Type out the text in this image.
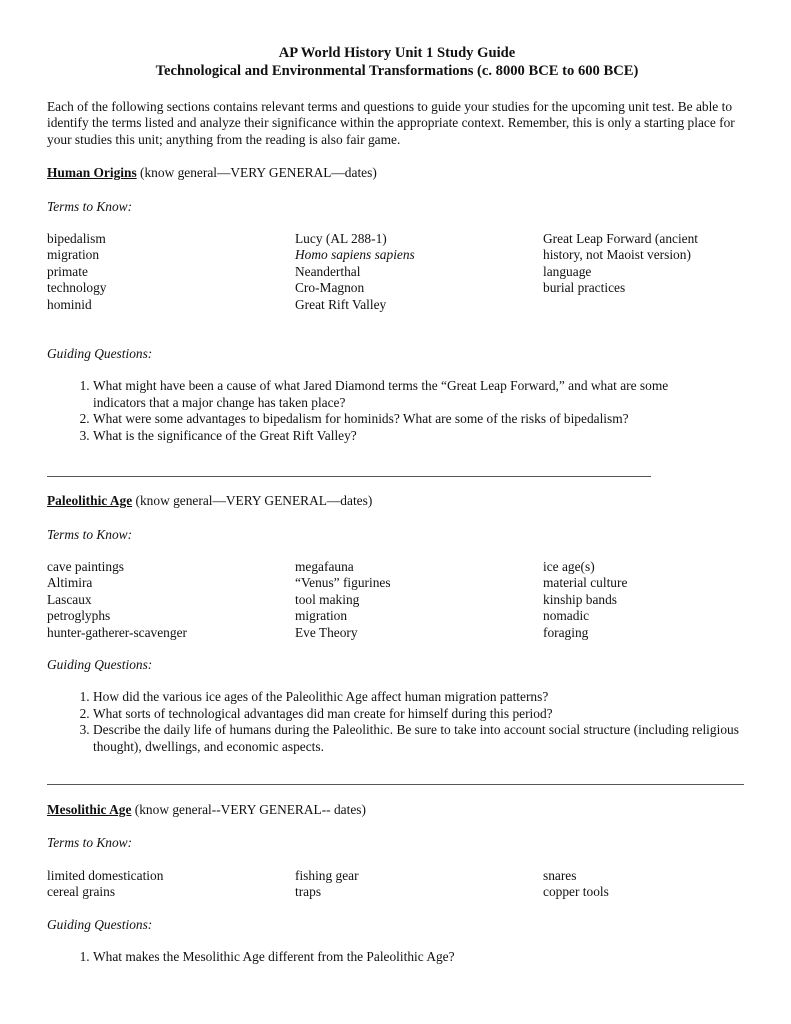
AP World History Unit 1 Study Guide
Technological and Environmental Transformations (c. 8000 BCE to 600 BCE)
Each of the following sections contains relevant terms and questions to guide your studies for the upcoming unit test. Be able to identify the terms listed and analyze their significance within the appropriate context. Remember, this is only a starting place for your studies this unit; anything from the reading is also fair game.
Human Origins (know general—VERY GENERAL—dates)
Terms to Know:
bipedalism
migration
primate
technology
hominid
Lucy (AL 288-1)
Homo sapiens sapiens
Neanderthal
Cro-Magnon
Great Rift Valley
Great Leap Forward (ancient
history, not Maoist version)
language
burial practices
Guiding Questions:
1. What might have been a cause of what Jared Diamond terms the “Great Leap Forward,” and what are some indicators that a major change has taken place?
2. What were some advantages to bipedalism for hominids? What are some of the risks of bipedalism?
3. What is the significance of the Great Rift Valley?
Paleolithic Age (know general—VERY GENERAL—dates)
Terms to Know:
cave paintings
Altimira
Lascaux
petroglyphs
hunter-gatherer-scavenger
megafauna
“Venus” figurines
tool making
migration
Eve Theory
ice age(s)
material culture
kinship bands
nomadic
foraging
Guiding Questions:
1. How did the various ice ages of the Paleolithic Age affect human migration patterns?
2. What sorts of technological advantages did man create for himself during this period?
3. Describe the daily life of humans during the Paleolithic. Be sure to take into account social structure (including religious thought), dwellings, and economic aspects.
Mesolithic Age (know general--VERY GENERAL-- dates)
Terms to Know:
limited domestication
cereal grains
fishing gear
traps
snares
copper tools
Guiding Questions:
1. What makes the Mesolithic Age different from the Paleolithic Age?
